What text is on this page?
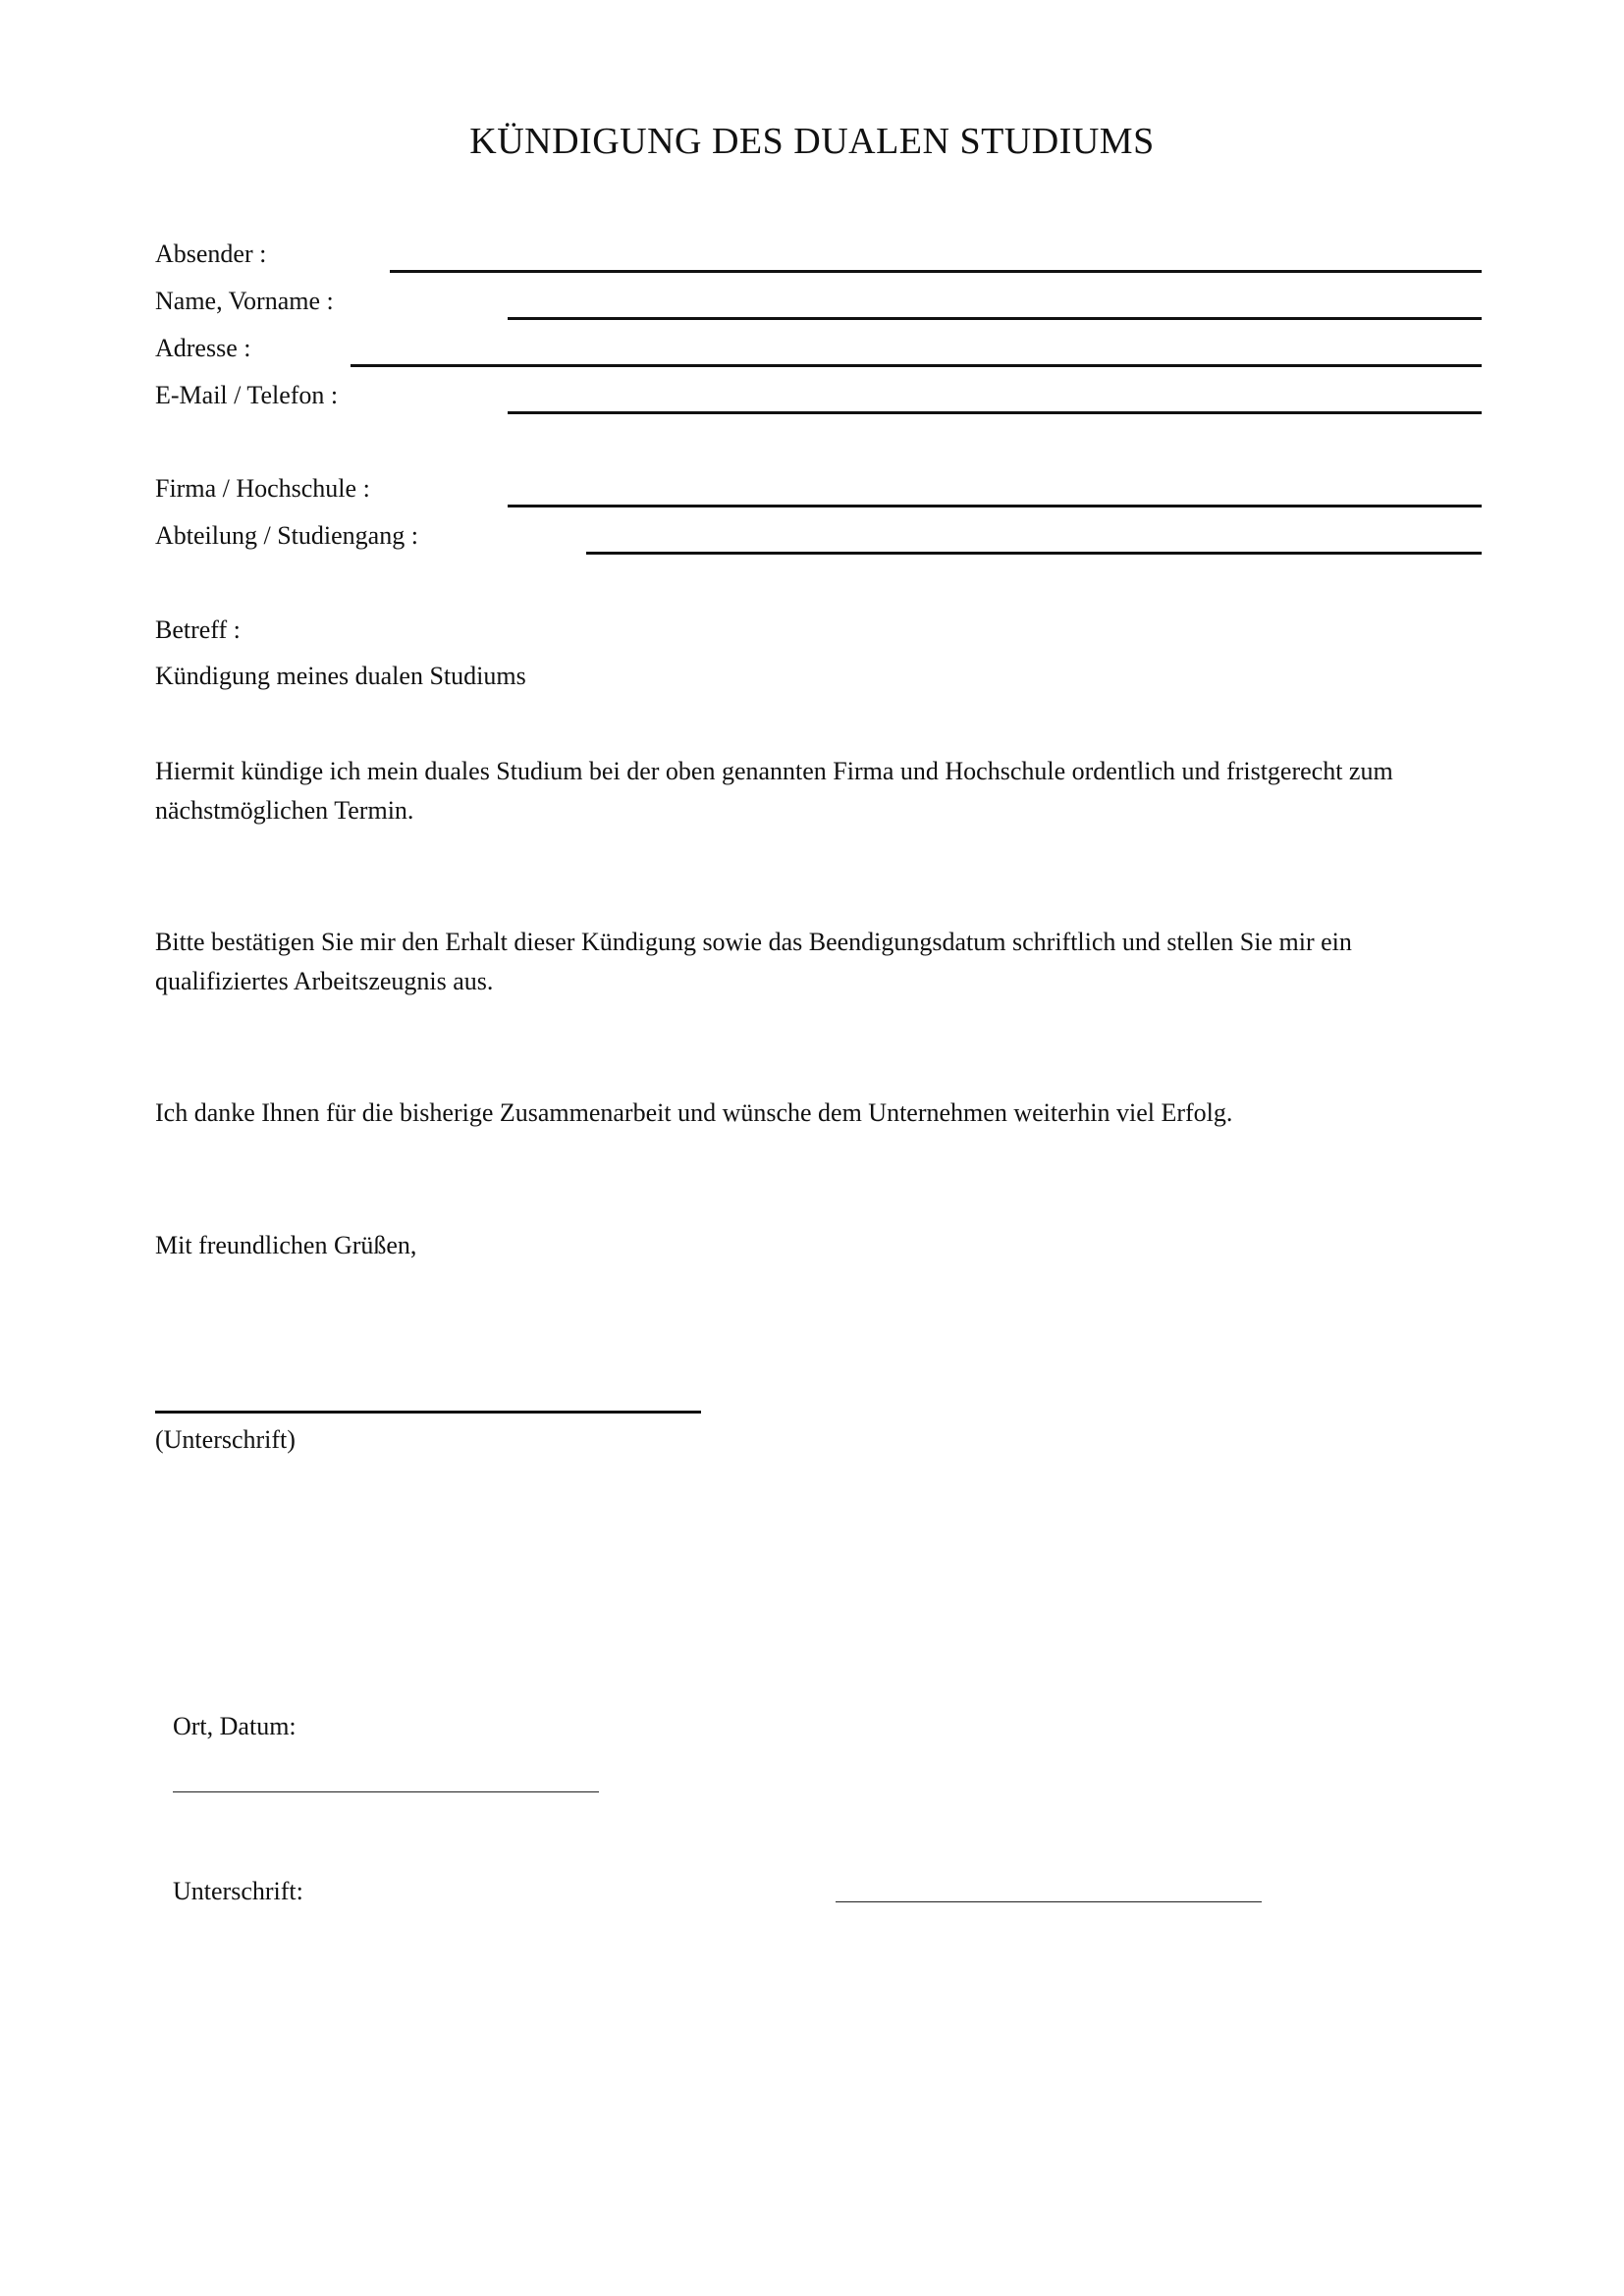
KÜNDIGUNG DES DUALEN STUDIUMS
Absender :
Name, Vorname :
Adresse :
E-Mail / Telefon :
Firma / Hochschule :
Abteilung / Studiengang :
Betreff :
Kündigung meines dualen Studiums
Hiermit kündige ich mein duales Studium bei der oben genannten Firma und Hochschule ordentlich und fristgerecht zum nächstmöglichen Termin.
Bitte bestätigen Sie mir den Erhalt dieser Kündigung sowie das Beendigungsdatum schriftlich und stellen Sie mir ein qualifiziertes Arbeitszeugnis aus.
Ich danke Ihnen für die bisherige Zusammenarbeit und wünsche dem Unternehmen weiterhin viel Erfolg.
Mit freundlichen Grüßen,
(Unterschrift)
Ort, Datum:
Unterschrift:
